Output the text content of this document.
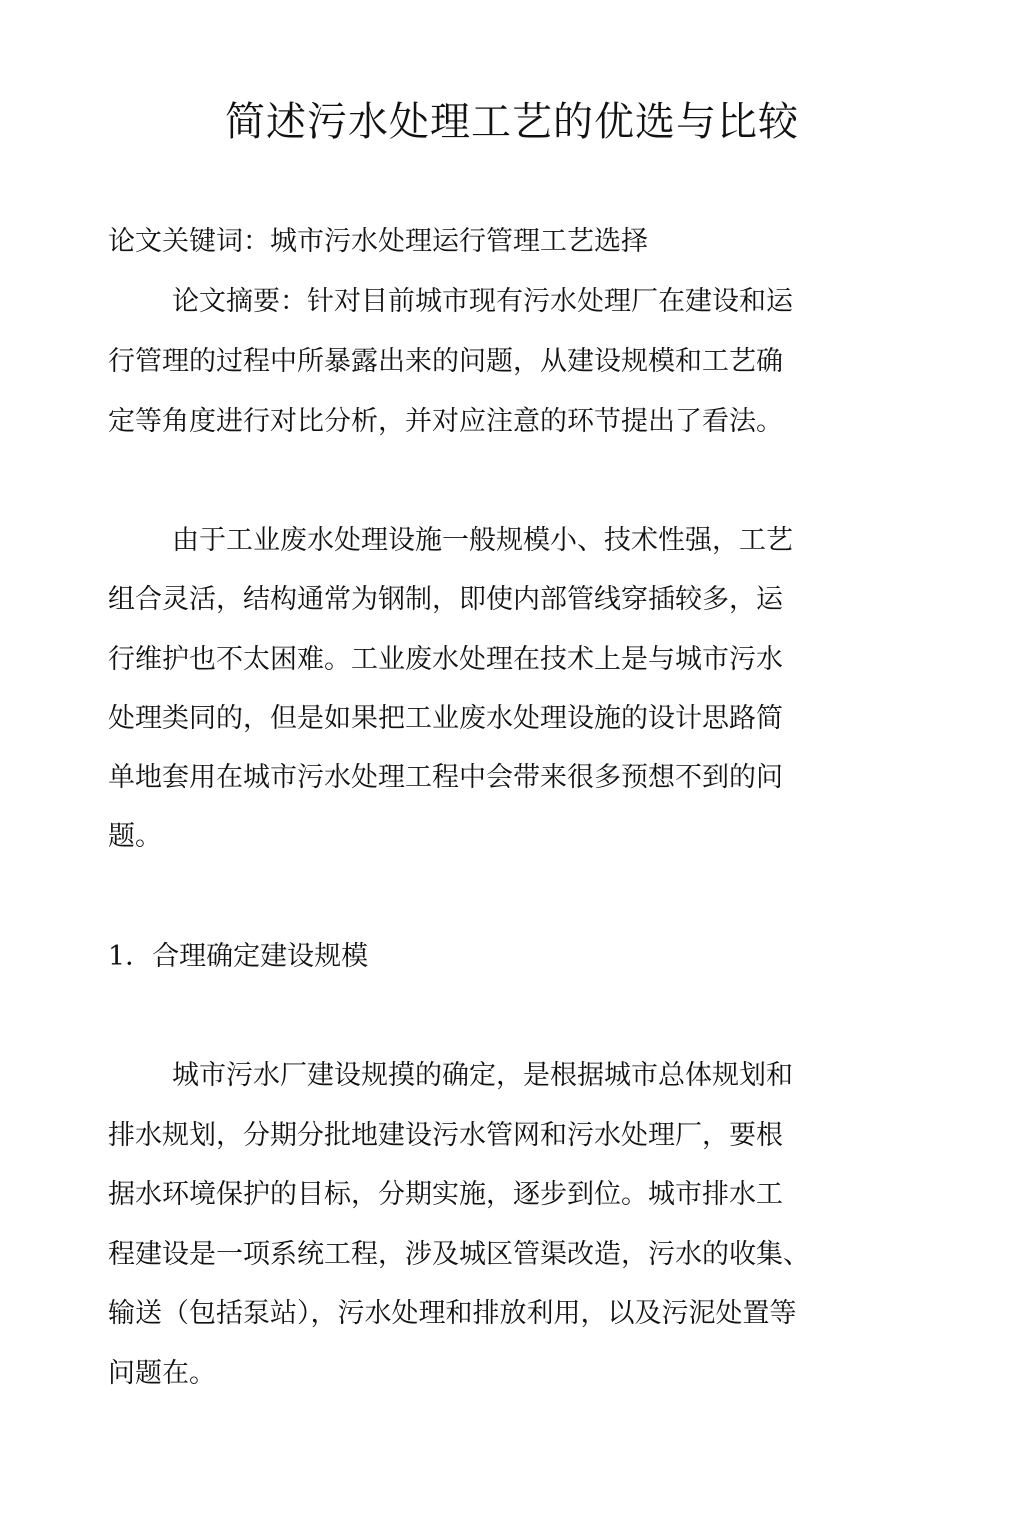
简述污水处理工艺的优选与比较

论文关键词：城市污水处理运行管理工艺选择

论文摘要：针对目前城市现有污水处理厂在建设和运

行管理的过程中所暴露出来的问题，从建设规模和工艺确

定等角度进行对比分析，并对应注意的环节提出了看法。

由于工业废水处理设施一般规模小、技术性强，工艺

组合灵活，结构通常为钢制，即使内部管线穿插较多，运

行维护也不太困难。工业废水处理在技术上是与城市污水

处理类同的，但是如果把工业废水处理设施的设计思路简

单地套用在城市污水处理工程中会带来很多预想不到的问

题。

1．合理确定建设规模

城市污水厂建设规摸的确定，是根据城市总体规划和

排水规划，分期分批地建设污水管网和污水处理厂，要根

据水环境保护的目标，分期实施，逐步到位。城市排水工

程建设是一项系统工程，涉及城区管渠改造，污水的收集、

输送（包括泵站），污水处理和排放利用，以及污泥处置等

问题在。
